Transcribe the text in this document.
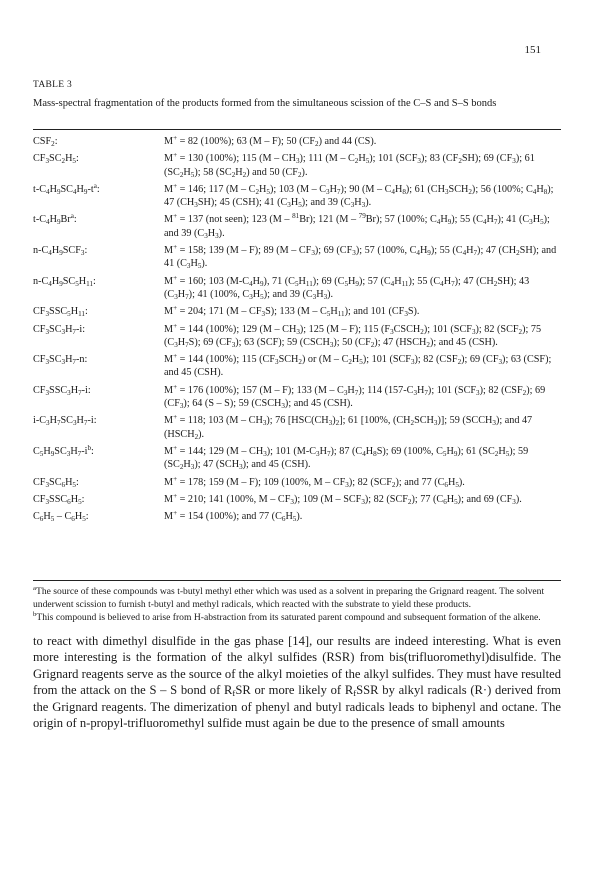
151
TABLE 3
Mass-spectral fragmentation of the products formed from the simultaneous scission of the C–S and S–S bonds
$CSF_2$:	M+ = 82 (100%); 63 (M – F); 50 $(CF_2)$ and 44 (CS).
$CF_3SC_2H_5$:	M+ = 130 (100%); 115 $(M - CH_3)$; 111 $(M - C_2H_5)$; 101 $(SCF_3)$; 83 $(CF_2SH)$; 69 $(CF_3)$; 61 $(SC_2H_5)$; 58 $(SC_2H_2)$ and 50 $(CF_2)$.
$t-C_4H_9SC_4H_9-t^a$:	M+ = 146; 117 $(M - C_2H_5)$; 103 $(M - C_3H_7)$; 90 $(M - C_4H_8)$; 61 $(CH_3SCH_2)$; 56 (100%; $C_4H_8$); 47 $(CH_3SH)$; 45 (CSH); 41 $(C_3H_5)$; and 39 $(C_3H_3)$.
$t-C_4H_9Br^a$:	M+ = 137 (not seen); 123 (M – $^{81}$Br); 121 (M – $^{79}$Br); 57 (100%; $C_4H_9$); 55 $(C_4H_7)$; 41 $(C_3H_5)$; and 39 $(C_3H_3)$.
$n-C_4H_9SCF_3$:	M+ = 158; 139 (M – F); 89 $(M - CF_3)$; 69 $(CF_3)$; 57 (100%, $C_4H_9$); 55 $(C_4H_7)$; 47 $(CH_2SH)$; and 41 $(C_3H_5)$.
$n-C_4H_9SC_5H_{11}$:	M+ = 160; 103 $(M-C_4H_9)$, 71 $(C_5H_{11})$; 69 $(C_5H_9)$; 57 $(C_4H_{11})$; 55 $(C_4H_7)$; 47 $(CH_2SH)$; 43 $(C_3H_7)$; 41 (100%, $C_3H_5$); and 39 $(C_3H_3)$.
$CF_3SSC_5H_{11}$:	M+ = 204; 171 $(M - CF_3S)$; 133 $(M - C_5H_{11})$; and 101 $(CF_3S)$.
$CF_3SC_3H_7-i$:	M+ = 144 (100%); 129 $(M - CH_3)$; 125 (M – F); 115 $(F_3CSCH_2)$; 101 $(SCF_3)$; 82 $(SCF_2)$; 75 $(C_3H_7S)$; 69 $(CF_3)$; 63 (SCF); 59 $(CSCH_3)$; 50 $(CF_2)$; 47 $(HSCH_2)$; and 45 (CSH).
$CF_3SC_3H_7-n$:	M+ = 144 (100%); 115 $(CF_3SCH_2)$ or $(M - C_2H_5)$; 101 $(SCF_3)$; 82 $(CSF_2)$; 69 $(CF_3)$; 63 (CSF); and 45 (CSH).
$CF_3SSC_3H_7-i$:	M+ = 176 (100%); 157 (M – F); 133 $(M - C_3H_7)$; 114 $(157-C_3H_7)$; 101 $(SCF_3)$; 82 $(CSF_2)$; 69 $(CF_3)$; 64 (S – S); 59 $(CSCH_3)$; and 45 (CSH).
$i-C_3H_7SC_3H_7-i$:	M+ = 118; 103 $(M - CH_3)$; 76 $[HSC(CH_3)_2]$; 61 [100%, $(CH_2SCH_3)$]; 59 $(SCCH_3)$; and 47 $(HSCH_2)$.
$C_5H_9SC_3H_7-i^b$:	M+ = 144; 129 $(M - CH_3)$; 101 $(M-C_3H_7)$; 87 $(C_4H_8S)$; 69 (100%, $C_5H_9$); 61 $(SC_2H_5)$; 59 $(SC_2H_3)$; 47 $(SCH_3)$; and 45 (CSH).
$CF_3SC_6H_5$:	M+ = 178; 159 (M – F); 109 (100%, M – $CF_3$); 82 $(SCF_2)$; and 77 $(C_6H_5)$.
$CF_3SSC_6H_5$:	M+ = 210; 141 (100%, M – $CF_3$); 109 $(M - SCF_3)$; 82 $(SCF_2)$; 77 $(C_6H_5)$; and 69 $(CF_3)$.
$C_6H_5 - C_6H_5$:	M+ = 154 (100%); and 77 $(C_6H_5)$.

$^a$The source of these compounds was t-butyl methyl ether which was used as a solvent in preparing the Grignard reagent. The solvent underwent scission to furnish t-butyl and methyl radicals, which reacted with the substrate to yield these products.

$^b$This compound is believed to arise from H-abstraction from its saturated parent compound and subsequent formation of the alkene.

to react with dimethyl disulfide in the gas phase [14], our results are indeed interesting. What is even more interesting is the formation of the alkyl sulfides (RSR) from bis(trifluoromethyl)disulfide. The Grignard reagents serve as the source of the alkyl moieties of the alkyl sulfides. They must have resulted from the attack on the S – S bond of $R_fSR$ or more likely of $R_fSSR$ by alkyl radicals (R·) derived from the Grignard reagents. The dimerization of phenyl and butyl radicals leads to biphenyl and octane. The origin of n-propyl-trifluoromethyl sulfide must again be due to the presence of small amounts
